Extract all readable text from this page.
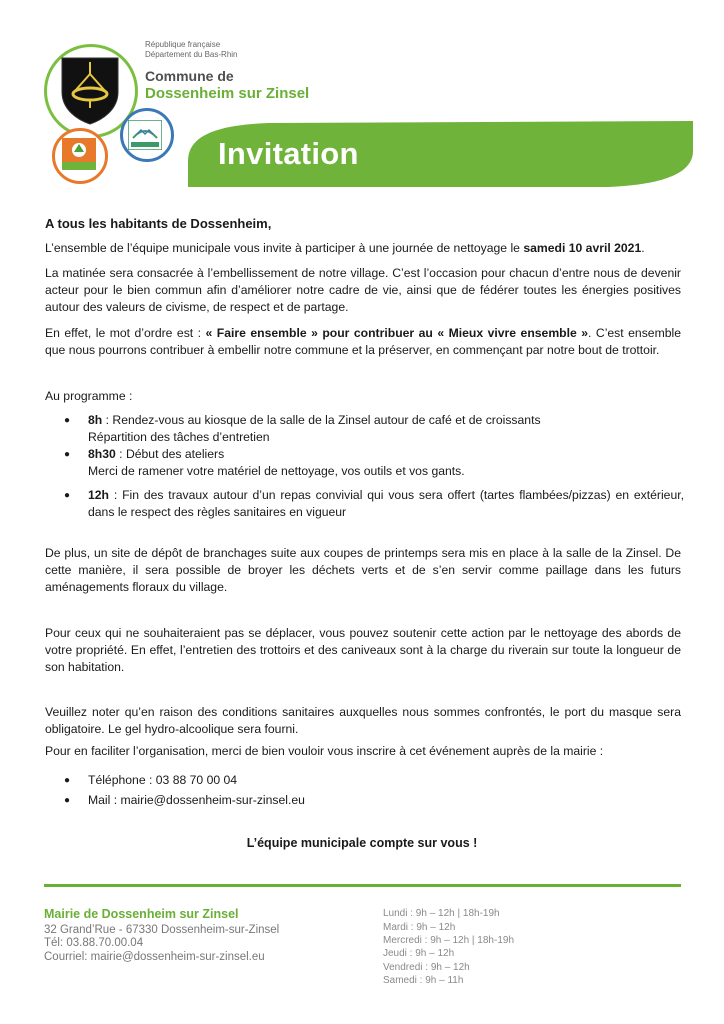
République française
Département du Bas-Rhin
Commune de
Dossenheim sur Zinsel
Invitation
A tous les habitants de Dossenheim,

L’ensemble de l’équipe municipale vous invite à participer à une journée de nettoyage le samedi 10 avril 2021.

La matinée sera consacrée à l’embellissement de notre village. C’est l’occasion pour chacun d’entre nous de devenir acteur pour le bien commun afin d’améliorer notre cadre de vie, ainsi que de fédérer toutes les énergies positives autour des valeurs de civisme, de respect et de partage.

En effet, le mot d’ordre est : « Faire ensemble » pour contribuer au « Mieux vivre ensemble ». C’est ensemble que nous pourrons contribuer à embellir notre commune et la préserver, en commençant par notre bout de trottoir.

Au programme :
● 8h : Rendez-vous au kiosque de la salle de la Zinsel autour de café et de croissants
Répartition des tâches d’entretien
● 8h30 : Début des ateliers
Merci de ramener votre matériel de nettoyage, vos outils et vos gants.
● 12h : Fin des travaux autour d’un repas convivial qui vous sera offert (tartes flambées/pizzas) en extérieur, dans le respect des règles sanitaires en vigueur

De plus, un site de dépôt de branchages suite aux coupes de printemps sera mis en place à la salle de la Zinsel. De cette manière, il sera possible de broyer les déchets verts et de s’en servir comme paillage dans les futurs aménagements floraux du village.

Pour ceux qui ne souhaiteraient pas se déplacer, vous pouvez soutenir cette action par le nettoyage des abords de votre propriété. En effet, l’entretien des trottoirs et des caniveaux sont à la charge du riverain sur toute la longueur de son habitation.

Veuillez noter qu’en raison des conditions sanitaires auxquelles nous sommes confrontés, le port du masque sera obligatoire. Le gel hydro-alcoolique sera fourni.

Pour en faciliter l’organisation, merci de bien vouloir vous inscrire à cet événement auprès de la mairie :

● Téléphone : 03 88 70 00 04
● Mail : mairie@dossenheim-sur-zinsel.eu
L’équipe municipale compte sur vous !
Mairie de Dossenheim sur Zinsel
32 Grand’Rue - 67330 Dossenheim-sur-Zinsel
Tél: 03.88.70.00.04
Courriel: mairie@dossenheim-sur-zinsel.eu
Lundi : 9h – 12h | 18h-19h
Mardi : 9h – 12h
Mercredi : 9h – 12h | 18h-19h
Jeudi : 9h – 12h
Vendredi : 9h – 12h
Samedi : 9h – 11h
